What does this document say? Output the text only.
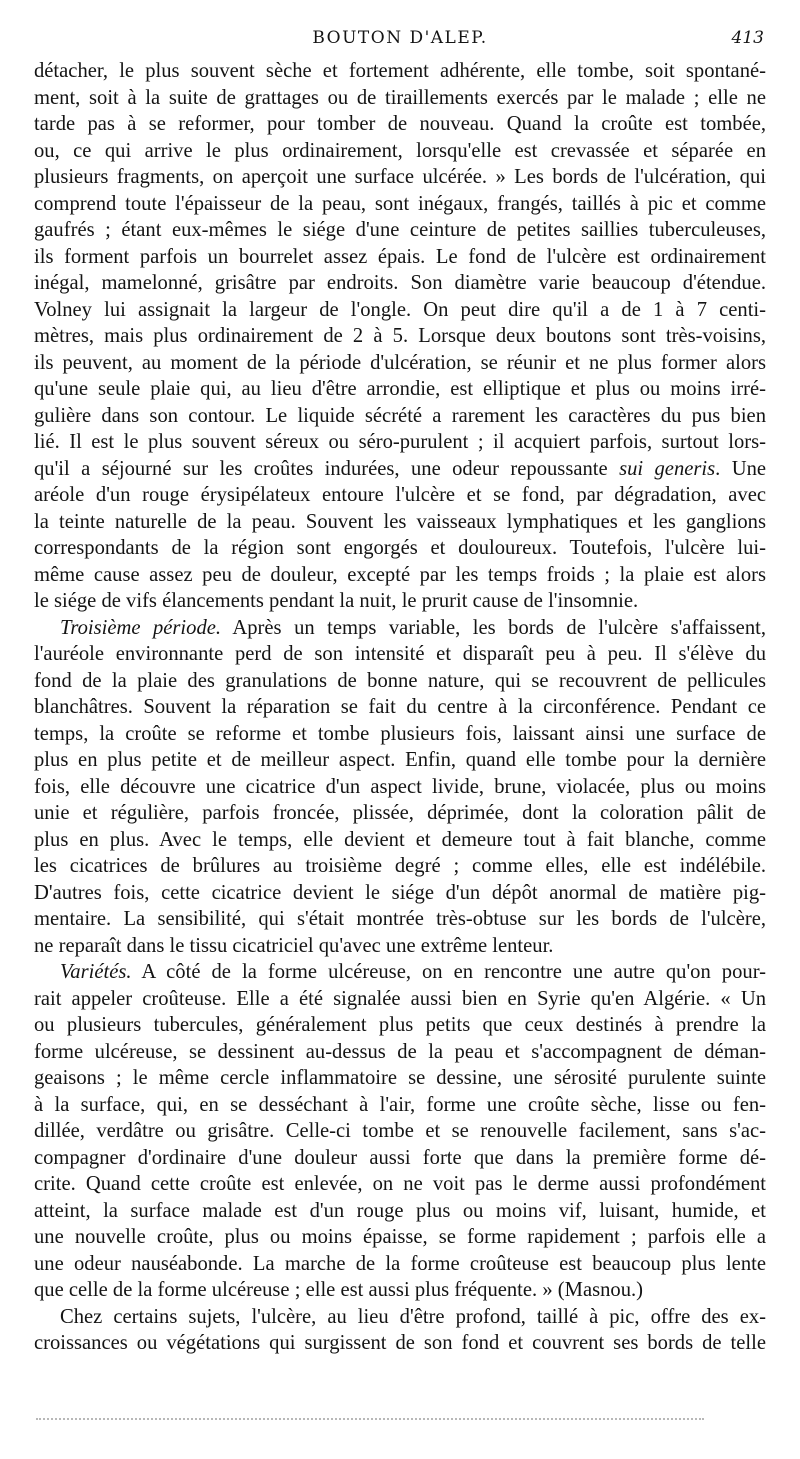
BOUTON D'ALEP.	413
détacher, le plus souvent sèche et fortement adhérente, elle tombe, soit spontané-
ment, soit à la suite de grattages ou de tiraillements exercés par le malade ; elle ne
tarde pas à se reformer, pour tomber de nouveau. Quand la croûte est tombée,
ou, ce qui arrive le plus ordinairement, lorsqu'elle est crevassée et séparée en
plusieurs fragments, on aperçoit une surface ulcérée. » Les bords de l'ulcération, qui
comprend toute l'épaisseur de la peau, sont inégaux, frangés, taillés à pic et comme
gaufrés ; étant eux-mêmes le siége d'une ceinture de petites saillies tuberculeuses,
ils forment parfois un bourrelet assez épais. Le fond de l'ulcère est ordinairement
inégal, mamelonné, grisâtre par endroits. Son diamètre varie beaucoup d'étendue.
Volney lui assignait la largeur de l'ongle. On peut dire qu'il a de 1 à 7 centi-
mètres, mais plus ordinairement de 2 à 5. Lorsque deux boutons sont très-voisins,
ils peuvent, au moment de la période d'ulcération, se réunir et ne plus former alors
qu'une seule plaie qui, au lieu d'être arrondie, est elliptique et plus ou moins irré-
gulière dans son contour. Le liquide sécrété a rarement les caractères du pus bien
lié. Il est le plus souvent séreux ou séro-purulent ; il acquiert parfois, surtout lors-
qu'il a séjourné sur les croûtes indurées, une odeur repoussante sui generis. Une
aréole d'un rouge érysipélateux entoure l'ulcère et se fond, par dégradation, avec
la teinte naturelle de la peau. Souvent les vaisseaux lymphatiques et les ganglions
correspondants de la région sont engorgés et douloureux. Toutefois, l'ulcère lui-
même cause assez peu de douleur, excepté par les temps froids ; la plaie est alors
le siége de vifs élancements pendant la nuit, le prurit cause de l'insomnie.
Troisième période. Après un temps variable, les bords de l'ulcère s'affaissent,
l'auréole environnante perd de son intensité et disparaît peu à peu. Il s'élève du
fond de la plaie des granulations de bonne nature, qui se recouvrent de pellicules
blanchâtres. Souvent la réparation se fait du centre à la circonférence. Pendant ce
temps, la croûte se reforme et tombe plusieurs fois, laissant ainsi une surface de
plus en plus petite et de meilleur aspect. Enfin, quand elle tombe pour la dernière
fois, elle découvre une cicatrice d'un aspect livide, brune, violacée, plus ou moins
unie et régulière, parfois froncée, plissée, déprimée, dont la coloration pâlit de
plus en plus. Avec le temps, elle devient et demeure tout à fait blanche, comme
les cicatrices de brûlures au troisième degré ; comme elles, elle est indélébile.
D'autres fois, cette cicatrice devient le siége d'un dépôt anormal de matière pig-
mentaire. La sensibilité, qui s'était montrée très-obtuse sur les bords de l'ulcère,
ne reparaît dans le tissu cicatriciel qu'avec une extrême lenteur.
Variétés. A côté de la forme ulcéreuse, on en rencontre une autre qu'on pour-
rait appeler croûteuse. Elle a été signalée aussi bien en Syrie qu'en Algérie. « Un
ou plusieurs tubercules, généralement plus petits que ceux destinés à prendre la
forme ulcéreuse, se dessinent au-dessus de la peau et s'accompagnent de déman-
geaisons ; le même cercle inflammatoire se dessine, une sérosité purulente suinte
à la surface, qui, en se desséchant à l'air, forme une croûte sèche, lisse ou fen-
dillée, verdâtre ou grisâtre. Celle-ci tombe et se renouvelle facilement, sans s'ac-
compagner d'ordinaire d'une douleur aussi forte que dans la première forme dé-
crite. Quand cette croûte est enlevée, on ne voit pas le derme aussi profondément
atteint, la surface malade est d'un rouge plus ou moins vif, luisant, humide, et
une nouvelle croûte, plus ou moins épaisse, se forme rapidement ; parfois elle a
une odeur nauséabonde. La marche de la forme croûteuse est beaucoup plus lente
que celle de la forme ulcéreuse ; elle est aussi plus fréquente. » (Masnou.)
Chez certains sujets, l'ulcère, au lieu d'être profond, taillé à pic, offre des ex-
croissances ou végétations qui surgissent de son fond et couvrent ses bords de telle
